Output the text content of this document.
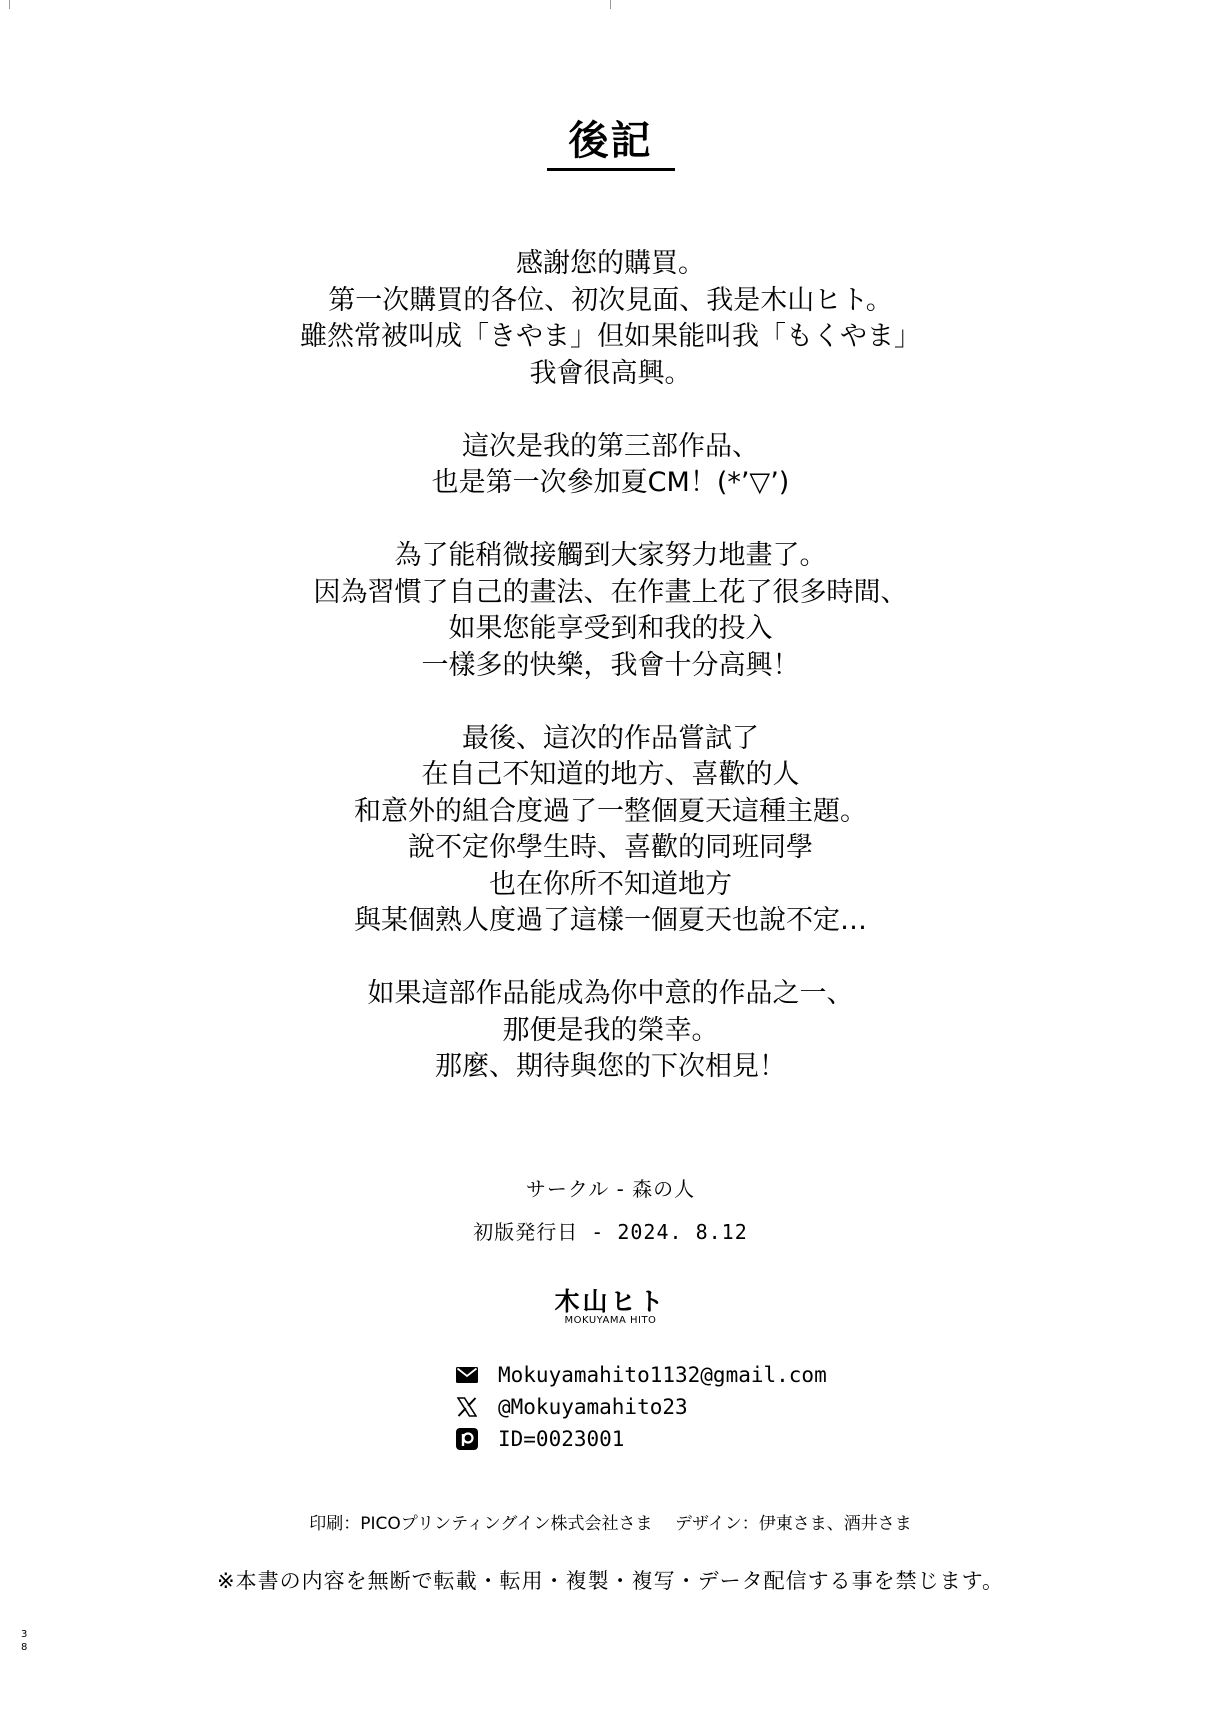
後記
感謝您的購買。
第一次購買的各位、初次見面、我是木山ヒト。
雖然常被叫成「きやま」但如果能叫我「もくやま」
我會很高興。
這次是我的第三部作品、
也是第一次參加夏CM！(*’▽’)
為了能稍微接觸到大家努力地畫了。
因為習慣了自己的畫法、在作畫上花了很多時間、
如果您能享受到和我的投入
一樣多的快樂，我會十分高興！
最後、這次的作品嘗試了
在自己不知道的地方、喜歡的人
和意外的組合度過了一整個夏天這種主題。
說不定你學生時、喜歡的同班同學
也在你所不知道地方
與某個熟人度過了這樣一個夏天也說不定…
如果這部作品能成為你中意的作品之一、
那便是我的榮幸。
那麼、期待與您的下次相見！
サークル - 森の人
初版発行日 - 2024. 8.12
木山ヒト
MOKUYAMA HITO
Mokuyamahito1132@gmail.com
@Mokuyamahito23
ID=0023001
印刷：PICOプリンティングイン株式会社さま　 デザイン：伊東さま、酒井さま
※本書の内容を無断で転載・転用・複製・複写・データ配信する事を禁じます。
38
